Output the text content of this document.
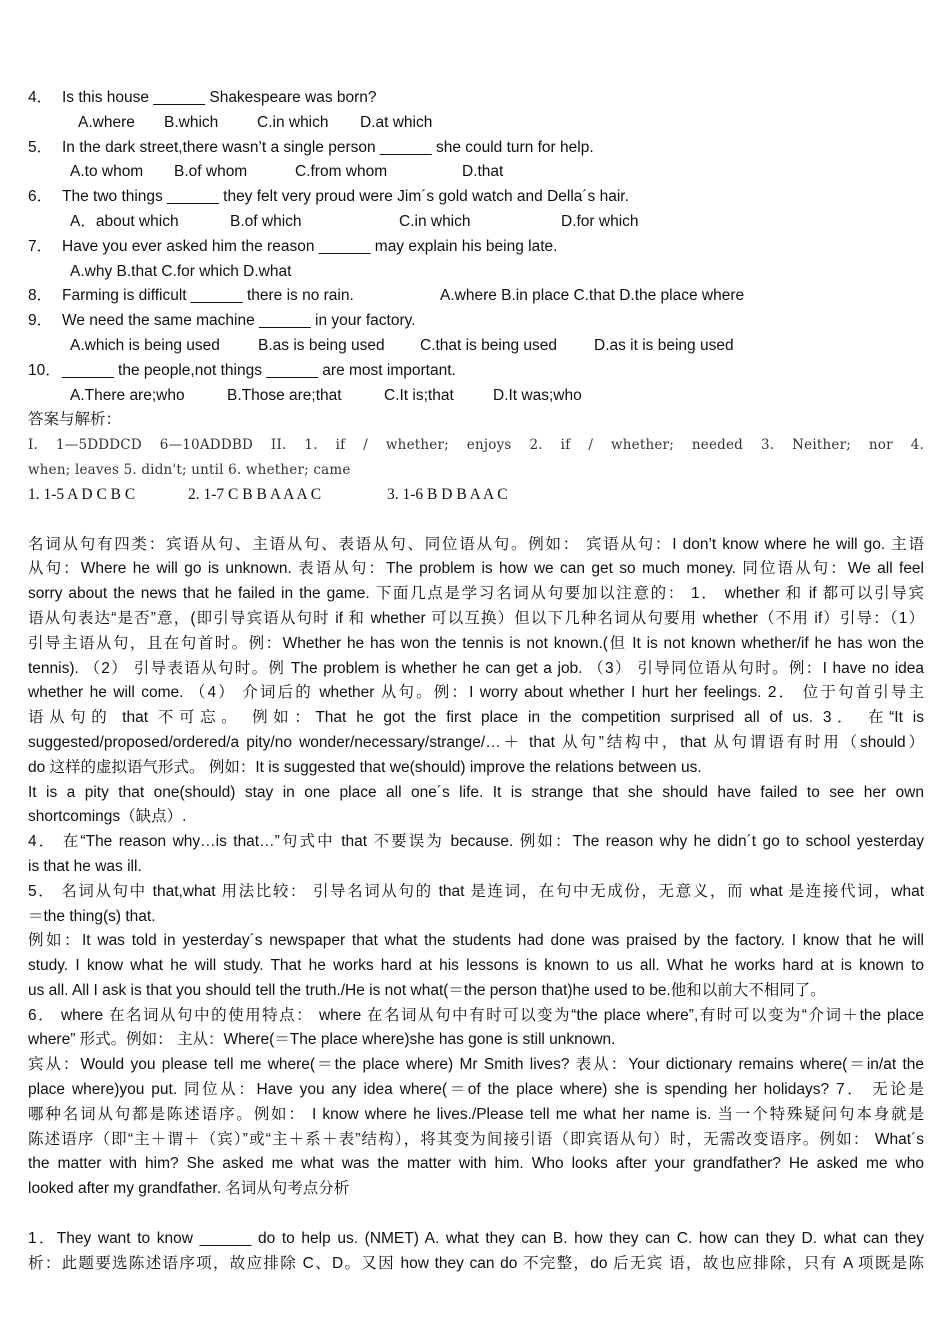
4． Is this house ______ Shakespeare was born?
A.where B.which C.in which D.at which
5． In the dark street,there wasn’t a single person ______ she could turn for help.
A.to whom B.of whom	C.from whom	D.that
6． The two things ______ they felt very proud were Jim´s gold watch and Della´s hair.
A．about which	B.of which	C.in which	D.for which
7． Have you ever asked him the reason ______ may explain his being late.
A.why B.that C.for which D.what
8． Farming is difficult ______ there is no rain.	A.where B.in place C.that D.the place where
9． We need the same machine ______ in your factory.
A.which is being used B.as is being used C.that is being used D.as it is being used
10． ______ the people,not things ______ are most important.
A.There are;who	B.Those are;that	C.It is;that	D.It was;who
答案与解析：
I. 1—5DDDCD 6—10ADDBD II. 1. if / whether; enjoys 2. if / whether; needed 3. Neither; nor 4.
when; leaves 5. didn't; until 6. whether; came
1. 1-5 A D C B C	2. 1-7 C B B A A A C	3. 1-6 B D B A A C
名词从句有四类：宾语从句、主语从句、表语从句、同位语从句。例如： 宾语从句：I don’t know where he will go. 主语
从句：Where he will go is unknown. 表语从句：The problem is how we can get so much money. 同位语从句：We all feel
sorry about the news that he failed in the game. 下面几点是学习名词从句要加以注意的： 1． whether 和 if 都可以引导宾
语从句表达“是否”意，(即引导宾语从句时 if 和 whether 可以互换）但以下几种名词从句要用 whether（不用 if）引导：（1）
引导主语从句，且在句首时。例：Whether he has won the tennis is not known.(但 It is not known whether/if he has won the
tennis). （2） 引导表语从句时。例 The problem is whether he can get a job. （3） 引导同位语从句时。例：I have no idea
whether he will come. （4） 介词后的 whether 从句。例：I worry about whether I hurt her feelings. 2． 位于句首引导主
语从句的 that 不可忘。 例如：That he got the first place in the competition surprised all of us. 3． 在“It is
suggested/proposed/ordered/a pity/no wonder/necessary/strange/…＋ that 从句”结构中，that 从句谓语有时用（should）
do 这样的虚拟语气形式。 例如：It is suggested that we(should) improve the relations between us.
It is a pity that one(should) stay in one place all one´s life. It is strange that she should have failed to see her own
shortcomings（缺点）.
4． 在“The reason why…is that…”句式中 that 不要误为 because. 例如：The reason why he didn´t go to school yesterday
is that he was ill.
5． 名词从句中 that,what 用法比较： 引导名词从句的 that 是连词，在句中无成份，无意义，而 what 是连接代词，what
＝the thing(s) that.
例如：It was told in yesterday´s newspaper that what the students had done was praised by the factory. I know that he will
study. I know what he will study. That he works hard at his lessons is known to us all. What he works hard at is known to
us all. All I ask is that you should tell the truth./He is not what(＝the person that)he used to be.他和以前大不相同了。
6． where 在名词从句中的使用特点： where 在名词从句中有时可以变为“the place where”,有时可以变为“介词＋the place
where” 形式。例如： 主从：Where(＝The place where)she has gone is still unknown.
宾从：Would you please tell me where(＝the place where) Mr Smith lives? 表从：Your dictionary remains where(＝in/at the
place where)you put. 同位从：Have you any idea where(＝of the place where) she is spending her holidays? 7． 无论是
哪种名词从句都是陈述语序。例如： I know where he lives./Please tell me what her name is. 当一个特殊疑问句本身就是
陈述语序（即“主＋谓＋（宾）”或“主＋系＋表”结构），将其变为间接引语（即宾语从句）时，无需改变语序。例如： What´s
the matter with him? She asked me what was the matter with him. Who looks after your grandfather? He asked me who
looked after my grandfather. 名词从句考点分析
1．They want to know ______ do to help us. (NMET) A. what they can B. how they can C. how can they D. what can they
析：此题要选陈述语序项，故应排除 C、D。又因 how they can do 不完整，do 后无宾 语，故也应排除，只有 A 项既是陈
